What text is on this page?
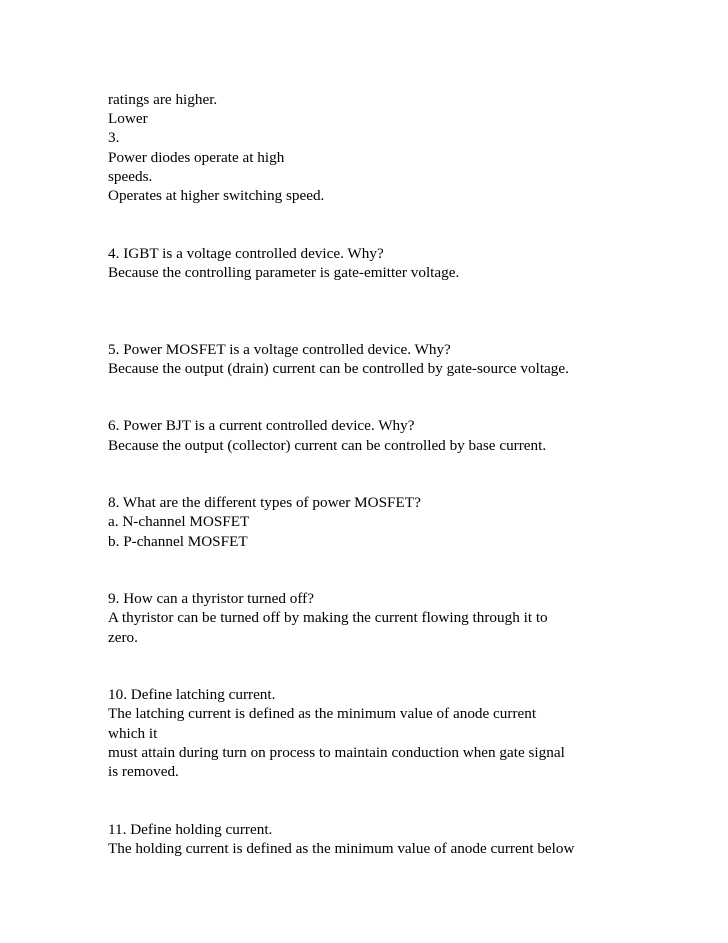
ratings are higher.
Lower
3.
Power diodes operate at high
speeds.
Operates at higher switching speed.
4. IGBT is a voltage controlled device. Why?
Because the controlling parameter is gate-emitter voltage.
5. Power MOSFET is a voltage controlled device. Why?
Because the output (drain) current can be controlled by gate-source voltage.
6. Power BJT is a current controlled device. Why?
Because the output (collector) current can be controlled by base current.
8. What are the different types of power MOSFET?
a. N-channel MOSFET
b. P-channel MOSFET
9. How can a thyristor turned off?
A thyristor can be turned off by making the current flowing through it to
zero.
10. Define latching current.
The latching current is defined as the minimum value of anode current
which it
must attain during turn on process to maintain conduction when gate signal
is removed.
11. Define holding current.
The holding current is defined as the minimum value of anode current below
